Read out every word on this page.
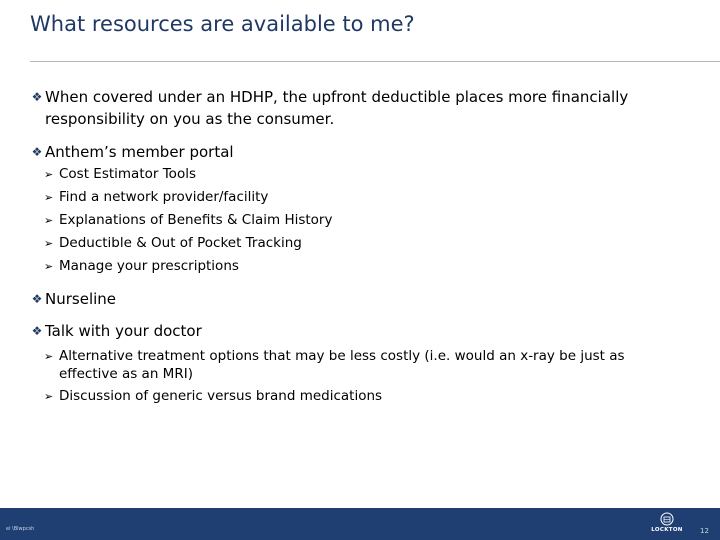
What resources are available to me?
❖ When covered under an HDHP, the upfront deductible places more financially
responsibility on you as the consumer.
❖ Anthem’s member portal
➢ Cost Estimator Tools
➢ Find a network provider/facility
➢ Explanations of Benefits & Claim History
➢ Deductible & Out of Pocket Tracking
➢ Manage your prescriptions
❖ Nurseline
❖ Talk with your doctor
➢ Alternative treatment options that may be less costly (i.e. would an x-ray be just as
effective as an MRI)
➢ Discussion of generic versus brand medications
ei \Blwpcsh	LOCKTON	12
